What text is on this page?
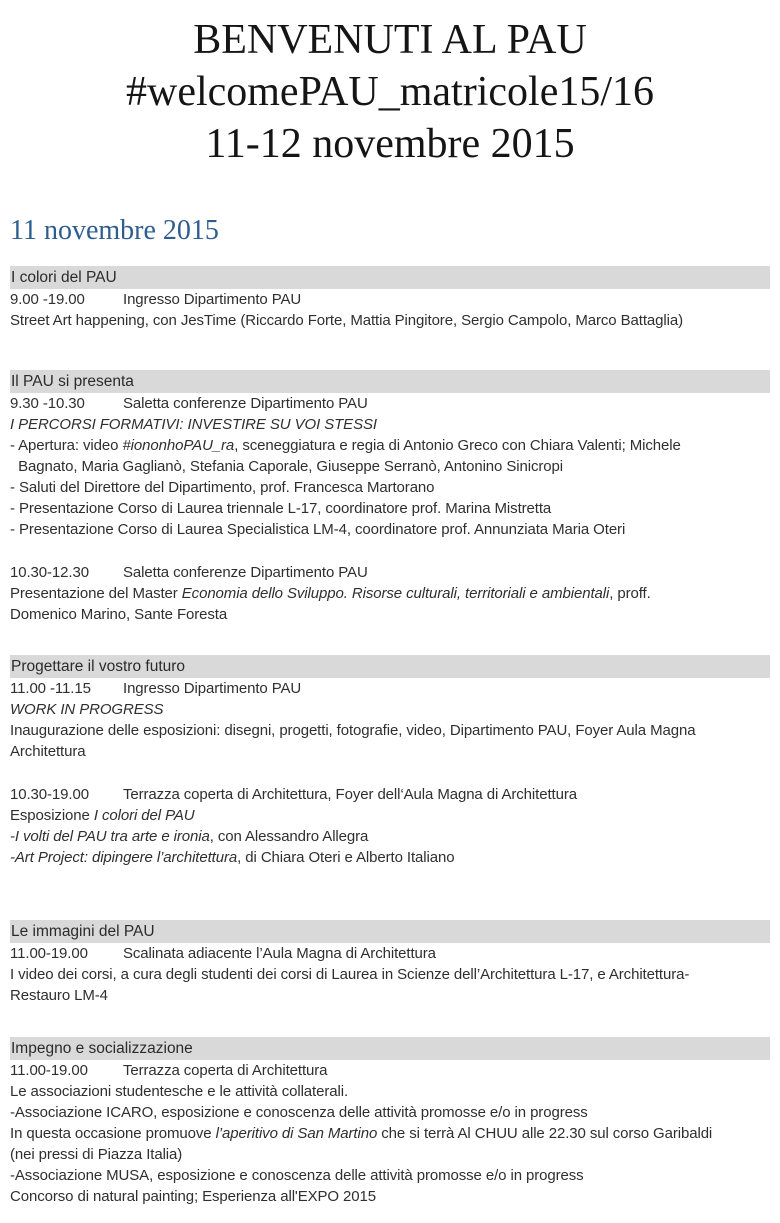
BENVENUTI AL PAU
#welcomePAU_matricole15/16
11-12 novembre 2015
11 novembre 2015
I colori del PAU
9.00 -19.00	Ingresso Dipartimento PAU
Street Art happening, con JesTime (Riccardo Forte, Mattia Pingitore, Sergio Campolo, Marco Battaglia)
Il PAU si presenta
9.30 -10.30	Saletta conferenze Dipartimento PAU
I PERCORSI FORMATIVI: INVESTIRE SU VOI STESSI
- Apertura: video #iononhoPAU_ra, sceneggiatura e regia di Antonio Greco con Chiara Valenti; Michele
Bagnato, Maria Gaglianò, Stefania Caporale, Giuseppe Serranò, Antonino Sinicropi
- Saluti del Direttore del Dipartimento, prof. Francesca Martorano
- Presentazione Corso di Laurea triennale L-17, coordinatore prof. Marina Mistretta
- Presentazione Corso di Laurea Specialistica LM-4, coordinatore prof. Annunziata Maria Oteri
10.30-12.30	Saletta conferenze Dipartimento PAU
Presentazione del Master Economia dello Sviluppo. Risorse culturali, territoriali e ambientali, proff.
Domenico Marino, Sante Foresta
Progettare il vostro futuro
11.00 -11.15	Ingresso Dipartimento PAU
WORK IN PROGRESS
Inaugurazione delle esposizioni: disegni, progetti, fotografie, video, Dipartimento PAU, Foyer Aula Magna
Architettura
10.30-19.00	Terrazza coperta di Architettura, Foyer dell‘Aula Magna di Architettura
Esposizione I colori del PAU
-I volti del PAU tra arte e ironia, con Alessandro Allegra
-Art Project: dipingere l’architettura, di Chiara Oteri e Alberto Italiano
Le immagini del PAU
11.00-19.00	Scalinata adiacente l’Aula Magna di Architettura
I video dei corsi, a cura degli studenti dei corsi di Laurea in Scienze dell’Architettura L-17, e Architettura-
Restauro LM-4
Impegno e socializzazione
11.00-19.00	Terrazza coperta di Architettura
Le associazioni studentesche e le attività collaterali.
-Associazione ICARO, esposizione e conoscenza delle attività promosse e/o in progress
In questa occasione promuove l’aperitivo di San Martino che si terrà Al CHUU alle 22.30 sul corso Garibaldi
(nei pressi di Piazza Italia)
-Associazione MUSA, esposizione e conoscenza delle attività promosse e/o in progress
Concorso di natural painting; Esperienza all'EXPO 2015
